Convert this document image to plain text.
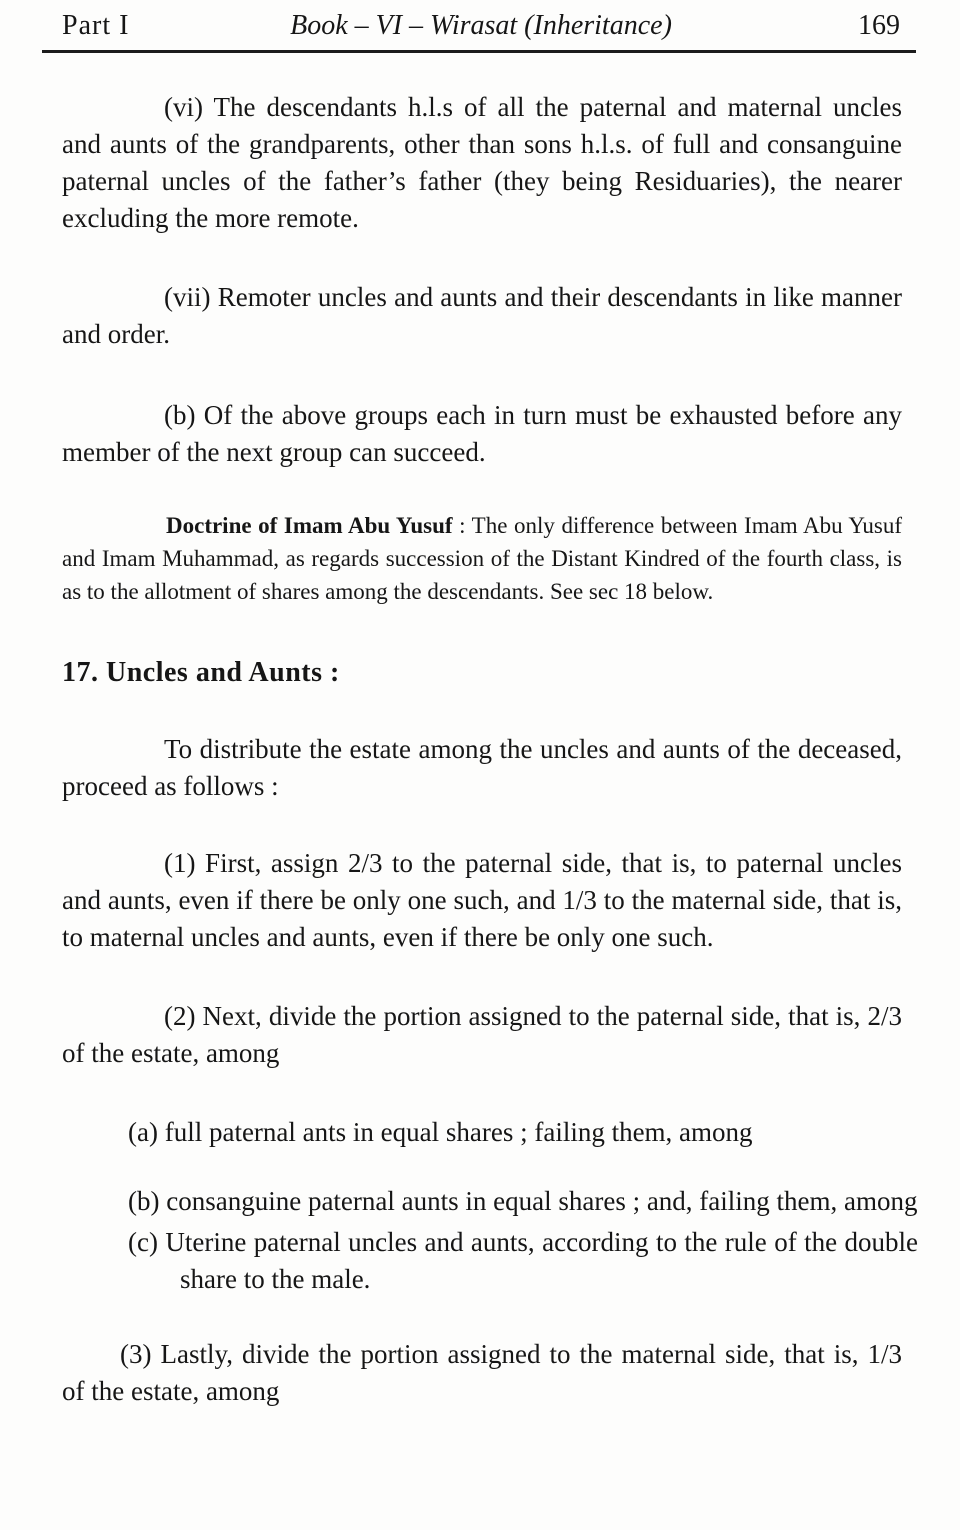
Part I	Book – VI – Wirasat (Inheritance)	169

(vi) The descendants h.l.s of all the paternal and maternal uncles and aunts of the grandparents, other than sons h.l.s. of full and consanguine paternal uncles of the father’s father (they being Residuaries), the nearer excluding the more remote.

(vii) Remoter uncles and aunts and their descendants in like manner and order.

(b) Of the above groups each in turn must be exhausted before any member of the next group can succeed.

Doctrine of Imam Abu Yusuf : The only difference between Imam Abu Yusuf and Imam Muhammad, as regards succession of the Distant Kindred of the fourth class, is as to the allotment of shares among the descendants. See sec 18 below.

17. Uncles and Aunts :

To distribute the estate among the uncles and aunts of the deceased, proceed as follows :

(1) First, assign 2/3 to the paternal side, that is, to paternal uncles and aunts, even if there be only one such, and 1/3 to the maternal side, that is, to maternal uncles and aunts, even if there be only one such.

(2) Next, divide the portion assigned to the paternal side, that is, 2/3 of the estate, among

(a) full paternal ants in equal shares ; failing them, among

(b) consanguine paternal aunts in equal shares ; and, failing them, among

(c) Uterine paternal uncles and aunts, according to the rule of the double share to the male.

(3) Lastly, divide the portion assigned to the maternal side, that is, 1/3 of the estate, among
